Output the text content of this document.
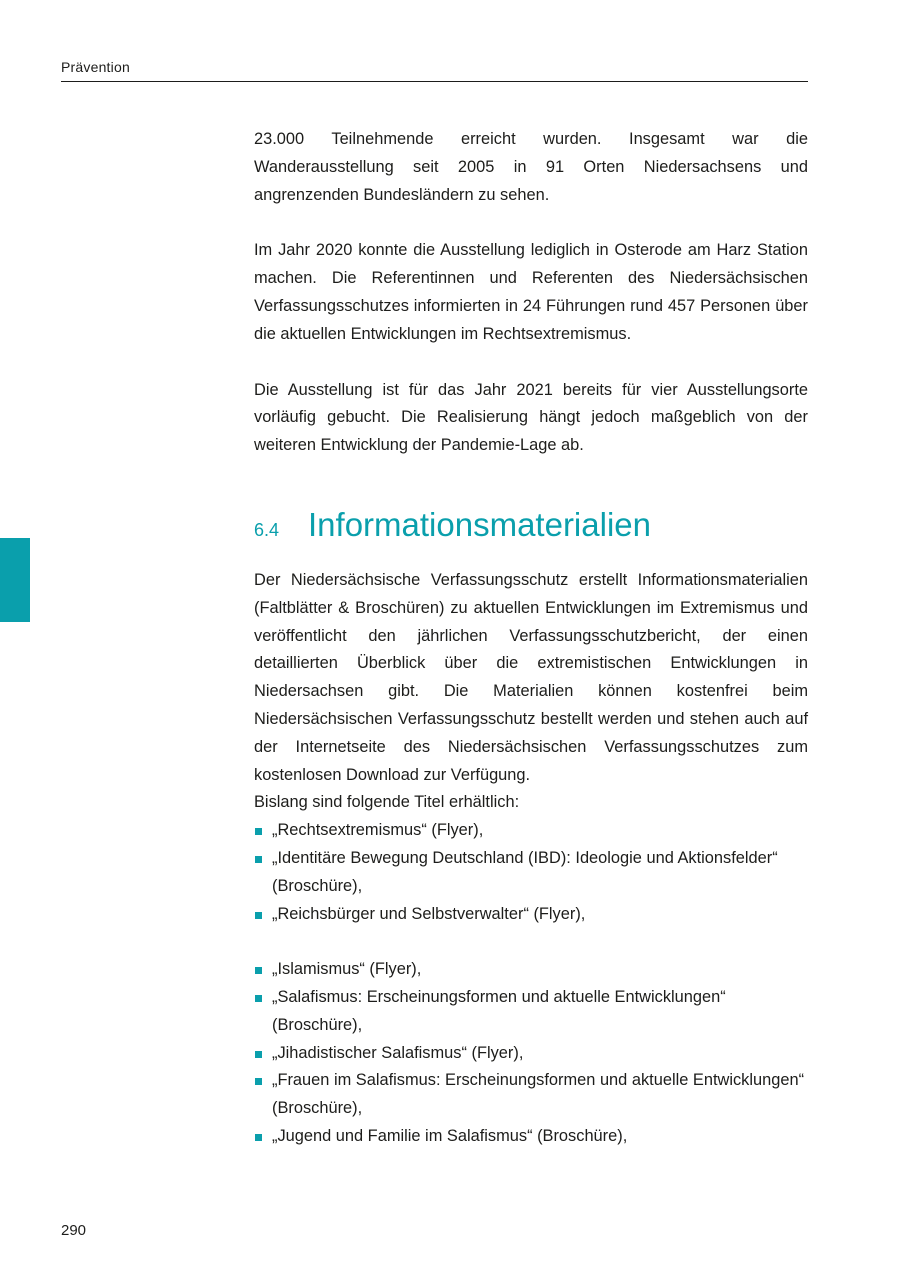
Prävention

23.000 Teilnehmende erreicht wurden. Insgesamt war die Wanderausstellung seit 2005 in 91 Orten Niedersachsens und angrenzenden Bundesländern zu sehen.

Im Jahr 2020 konnte die Ausstellung lediglich in Osterode am Harz Station machen. Die Referentinnen und Referenten des Niedersächsischen Verfassungsschutzes informierten in 24 Führungen rund 457 Personen über die aktuellen Entwicklungen im Rechtsextremismus.

Die Ausstellung ist für das Jahr 2021 bereits für vier Ausstellungsorte vorläufig gebucht. Die Realisierung hängt jedoch maßgeblich von der weiteren Entwicklung der Pandemie-Lage ab.

6.4 Informationsmaterialien

Der Niedersächsische Verfassungsschutz erstellt Informationsmaterialien (Faltblätter & Broschüren) zu aktuellen Entwicklungen im Extremismus und veröffentlicht den jährlichen Verfassungsschutzbericht, der einen detaillierten Überblick über die extremistischen Entwicklungen in Niedersachsen gibt. Die Materialien können kostenfrei beim Niedersächsischen Verfassungsschutz bestellt werden und stehen auch auf der Internetseite des Niedersächsischen Verfassungsschutzes zum kostenlosen Download zur Verfügung.

Bislang sind folgende Titel erhältlich:

„Rechtsextremismus“ (Flyer),
„Identitäre Bewegung Deutschland (IBD): Ideologie und Aktionsfelder“ (Broschüre),
„Reichsbürger und Selbstverwalter“ (Flyer),
„Islamismus“ (Flyer),
„Salafismus: Erscheinungsformen und aktuelle Entwicklungen“ (Broschüre),
„Jihadistischer Salafismus“ (Flyer),
„Frauen im Salafismus: Erscheinungsformen und aktuelle Entwicklungen“ (Broschüre),
„Jugend und Familie im Salafismus“ (Broschüre),
290
